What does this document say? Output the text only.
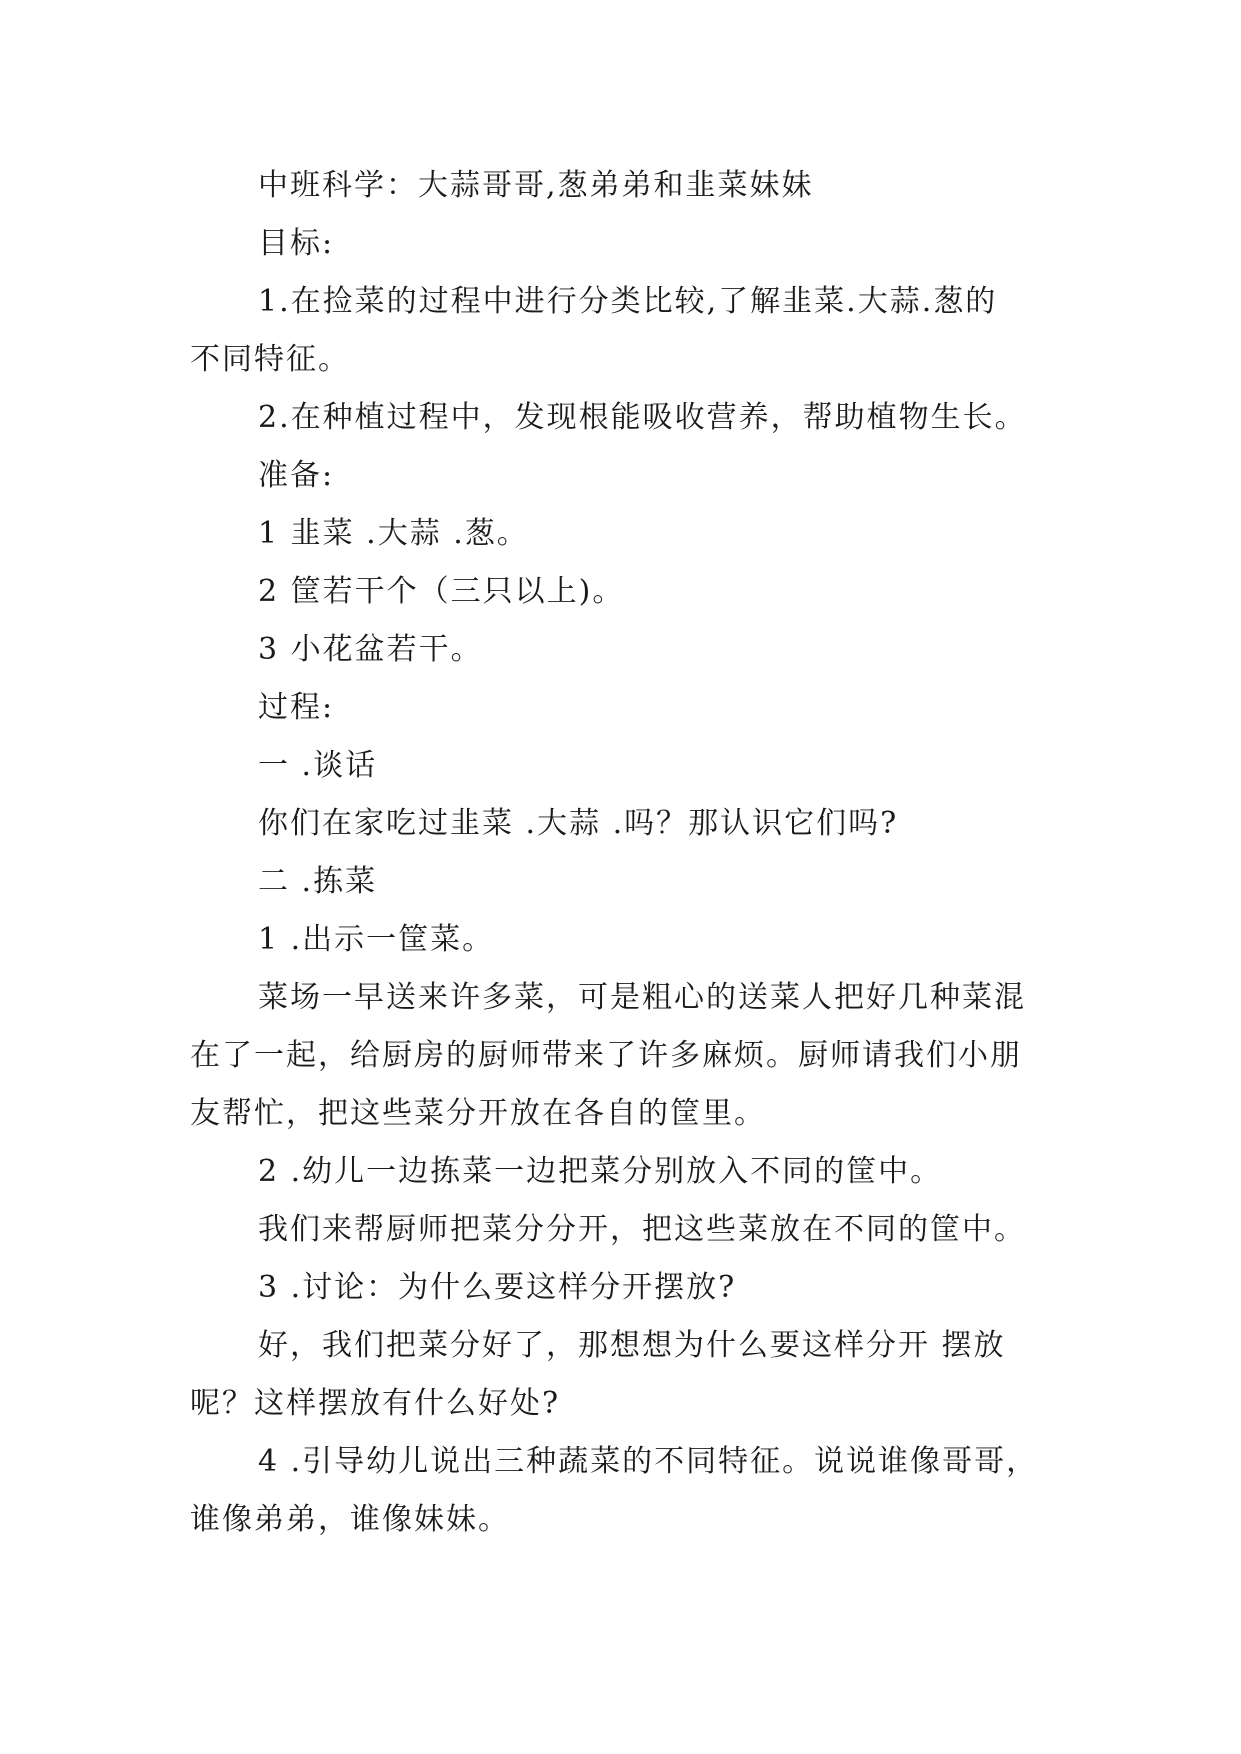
中班科学：大蒜哥哥,葱弟弟和韭菜妹妹
目标:
1.在捡菜的过程中进行分类比较,了解韭菜.大蒜.葱的
不同特征。
2.在种植过程中，发现根能吸收营养，帮助植物生长。
准备:
1 韭菜 .大蒜 .葱。
2 筐若干个（三只以上)。
3 小花盆若干。
过程:
一 .谈话
你们在家吃过韭菜 .大蒜 .吗？那认识它们吗?
二 .拣菜
1 .出示一筐菜。
菜场一早送来许多菜，可是粗心的送菜人把好几种菜混
在了一起，给厨房的厨师带来了许多麻烦。厨师请我们小朋
友帮忙，把这些菜分开放在各自的筐里。
2 .幼儿一边拣菜一边把菜分别放入不同的筐中。
我们来帮厨师把菜分分开，把这些菜放在不同的筐中。
3 .讨论：为什么要这样分开摆放?
好，我们把菜分好了，那想想为什么要这样分开 摆放
呢？这样摆放有什么好处?
4 .引导幼儿说出三种蔬菜的不同特征。说说谁像哥哥，
谁像弟弟，谁像妹妹。
